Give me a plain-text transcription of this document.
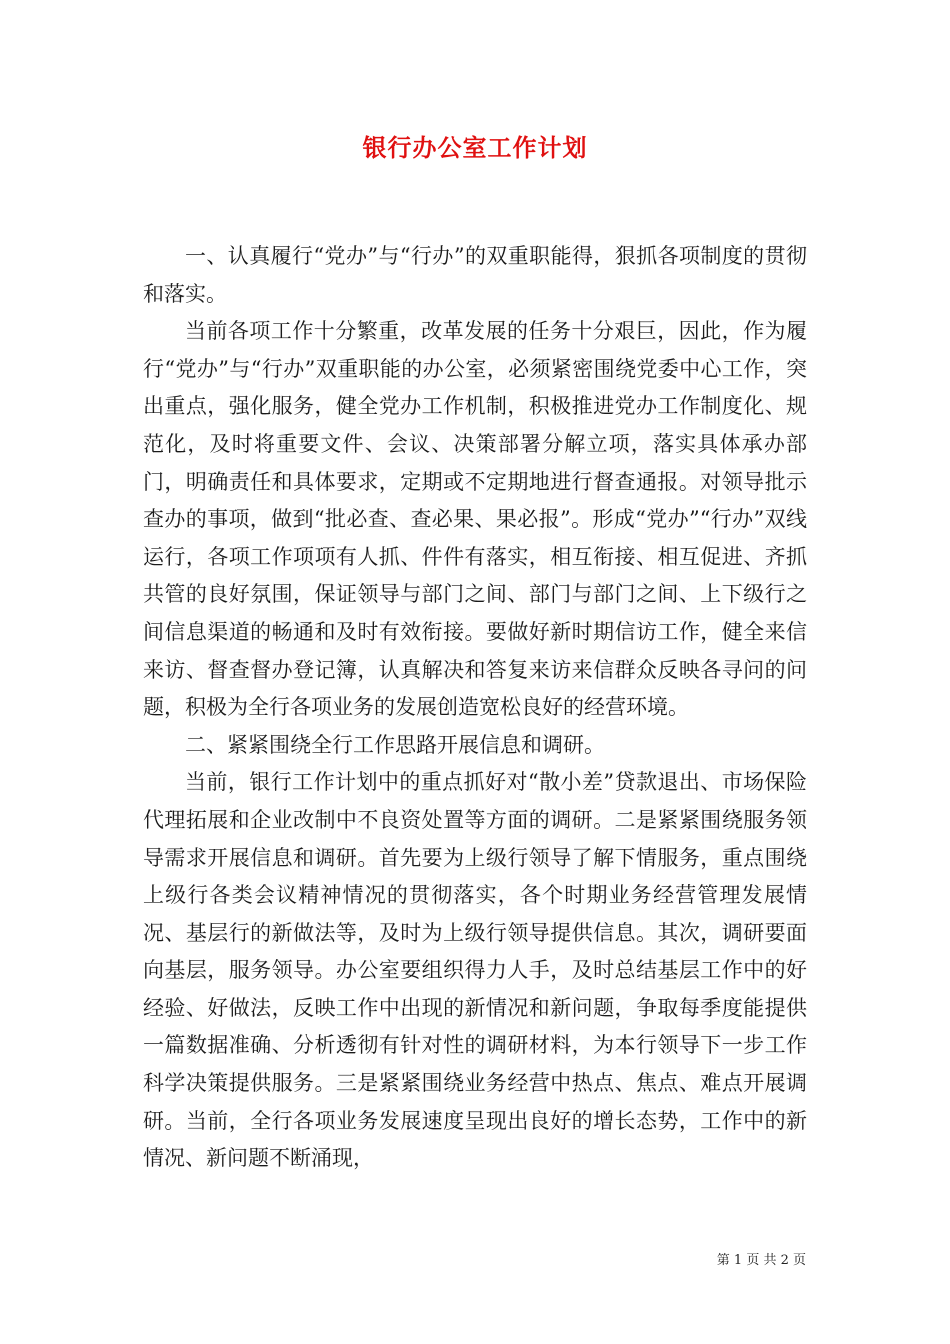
银行办公室工作计划

一、认真履行“党办”与“行办”的双重职能得，狠抓各项制度的贯彻和落实。

当前各项工作十分繁重，改革发展的任务十分艰巨，因此，作为履行“党办”与“行办”双重职能的办公室，必须紧密围绕党委中心工作，突出重点，强化服务，健全党办工作机制，积极推进党办工作制度化、规范化，及时将重要文件、会议、决策部署分解立项，落实具体承办部门，明确责任和具体要求，定期或不定期地进行督查通报。对领导批示查办的事项，做到“批必查、查必果、果必报”。形成“党办”“行办”双线运行，各项工作项项有人抓、件件有落实，相互衔接、相互促进、齐抓共管的良好氛围，保证领导与部门之间、部门与部门之间、上下级行之间信息渠道的畅通和及时有效衔接。要做好新时期信访工作，健全来信来访、督查督办登记簿，认真解决和答复来访来信群众反映各寻问的问题，积极为全行各项业务的发展创造宽松良好的经营环境。

二、紧紧围绕全行工作思路开展信息和调研。

当前，银行工作计划中的重点抓好对“散小差”贷款退出、市场保险代理拓展和企业改制中不良资处置等方面的调研。二是紧紧围绕服务领导需求开展信息和调研。首先要为上级行领导了解下情服务，重点围绕上级行各类会议精神情况的贯彻落实，各个时期业务经营管理发展情况、基层行的新做法等，及时为上级行领导提供信息。其次，调研要面向基层，服务领导。办公室要组织得力人手，及时总结基层工作中的好经验、好做法，反映工作中出现的新情况和新问题，争取每季度能提供一篇数据准确、分析透彻有针对性的调研材料，为本行领导下一步工作科学决策提供服务。三是紧紧围绕业务经营中热点、焦点、难点开展调研。当前，全行各项业务发展速度呈现出良好的增长态势，工作中的新情况、新问题不断涌现，

第 1 页 共 2 页
